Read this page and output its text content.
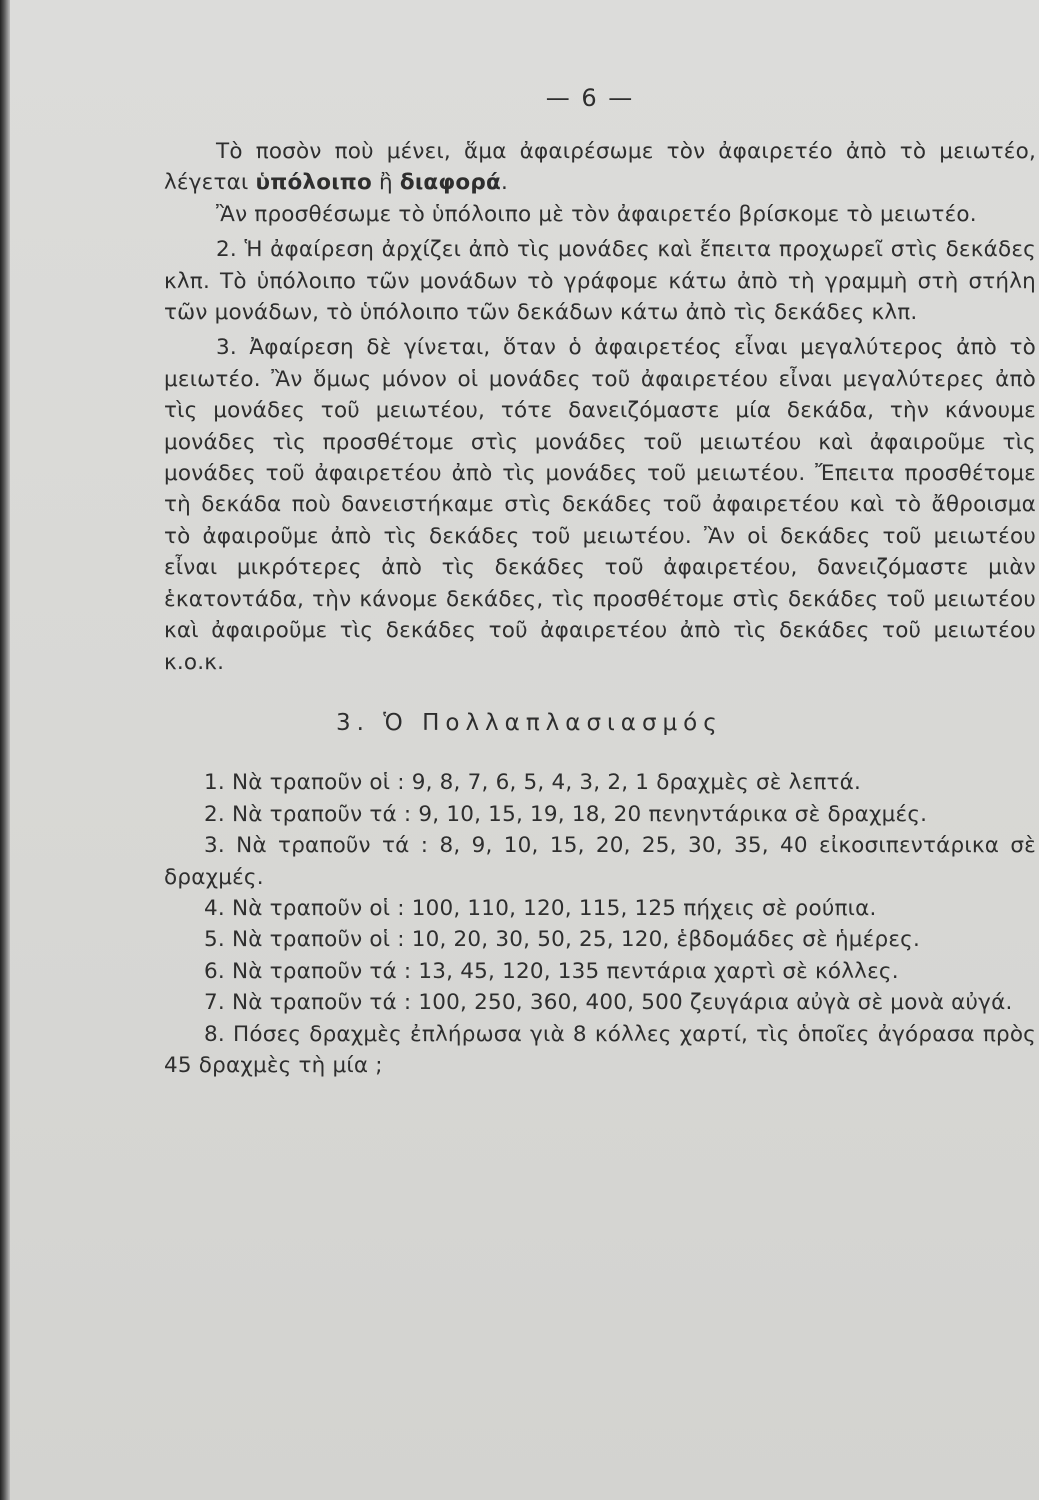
— 6 —

Τὸ ποσὸν ποὺ μένει, ἅμα ἀφαιρέσωμε τὸν ἀφαιρετέο ἀπὸ τὸ μειωτέο, λέγεται ὑπόλοιπο ἢ διαφορά.

Ἂν προσθέσωμε τὸ ὑπόλοιπο μὲ τὸν ἀφαιρετέο βρίσκομε τὸ μειωτέο.

2. Ἡ ἀφαίρεση ἀρχίζει ἀπὸ τὶς μονάδες καὶ ἔπειτα προχωρεῖ στὶς δεκάδες κλπ. Τὸ ὑπόλοιπο τῶν μονάδων τὸ γράφομε κάτω ἀπὸ τὴ γραμμὴ στὴ στήλη τῶν μονάδων, τὸ ὑπόλοιπο τῶν δεκάδων κάτω ἀπὸ τὶς δεκάδες κλπ.

3. Ἀφαίρεση δὲ γίνεται, ὅταν ὁ ἀφαιρετέος εἶναι μεγαλύτερος ἀπὸ τὸ μειωτέο. Ἂν ὅμως μόνον οἱ μονάδες τοῦ ἀφαιρετέου εἶναι μεγαλύτερες ἀπὸ τὶς μονάδες τοῦ μειωτέου, τότε δανειζόμαστε μία δεκάδα, τὴν κάνουμε μονάδες τὶς προσθέτομε στὶς μονάδες τοῦ μειωτέου καὶ ἀφαιροῦμε τὶς μονάδες τοῦ ἀφαιρετέου ἀπὸ τὶς μονάδες τοῦ μειωτέου. Ἔπειτα προσθέτομε τὴ δεκάδα ποὺ δανειστήκαμε στὶς δεκάδες τοῦ ἀφαιρετέου καὶ τὸ ἄθροισμα τὸ ἀφαιροῦμε ἀπὸ τὶς δεκάδες τοῦ μειωτέου. Ἂν οἱ δεκάδες τοῦ μειωτέου εἶναι μικρότερες ἀπὸ τὶς δεκάδες τοῦ ἀφαιρετέου, δανειζόμαστε μιὰν ἑκατοντάδα, τὴν κάνομε δεκάδες, τὶς προσθέτομε στὶς δεκάδες τοῦ μειωτέου καὶ ἀφαιροῦμε τὶς δεκάδες τοῦ ἀφαιρετέου ἀπὸ τὶς δεκάδες τοῦ μειωτέου κ.ο.κ.

3. Ὁ Πολλαπλασιασμός

1. Νὰ τραποῦν οἱ : 9, 8, 7, 6, 5, 4, 3, 2, 1 δραχμὲς σὲ λεπτά.

2. Νὰ τραποῦν τά : 9, 10, 15, 19, 18, 20 πενηντάρικα σὲ δραχμές.

3. Νὰ τραποῦν τά : 8, 9, 10, 15, 20, 25, 30, 35, 40 εἰκοσιπεντάρικα σὲ δραχμές.

4. Νὰ τραποῦν οἱ : 100, 110, 120, 115, 125 πήχεις σὲ ρούπια.

5. Νὰ τραποῦν οἱ : 10, 20, 30, 50, 25, 120, ἑβδομάδες σὲ ἡμέρες.

6. Νὰ τραποῦν τά : 13, 45, 120, 135 πεντάρια χαρτὶ σὲ κόλλες.

7. Νὰ τραποῦν τά : 100, 250, 360, 400, 500 ζευγάρια αὐγὰ σὲ μονὰ αὐγά.

8. Πόσες δραχμὲς ἐπλήρωσα γιὰ 8 κόλλες χαρτί, τὶς ὁποῖες ἀγόρασα πρὸς 45 δραχμὲς τὴ μία ;
